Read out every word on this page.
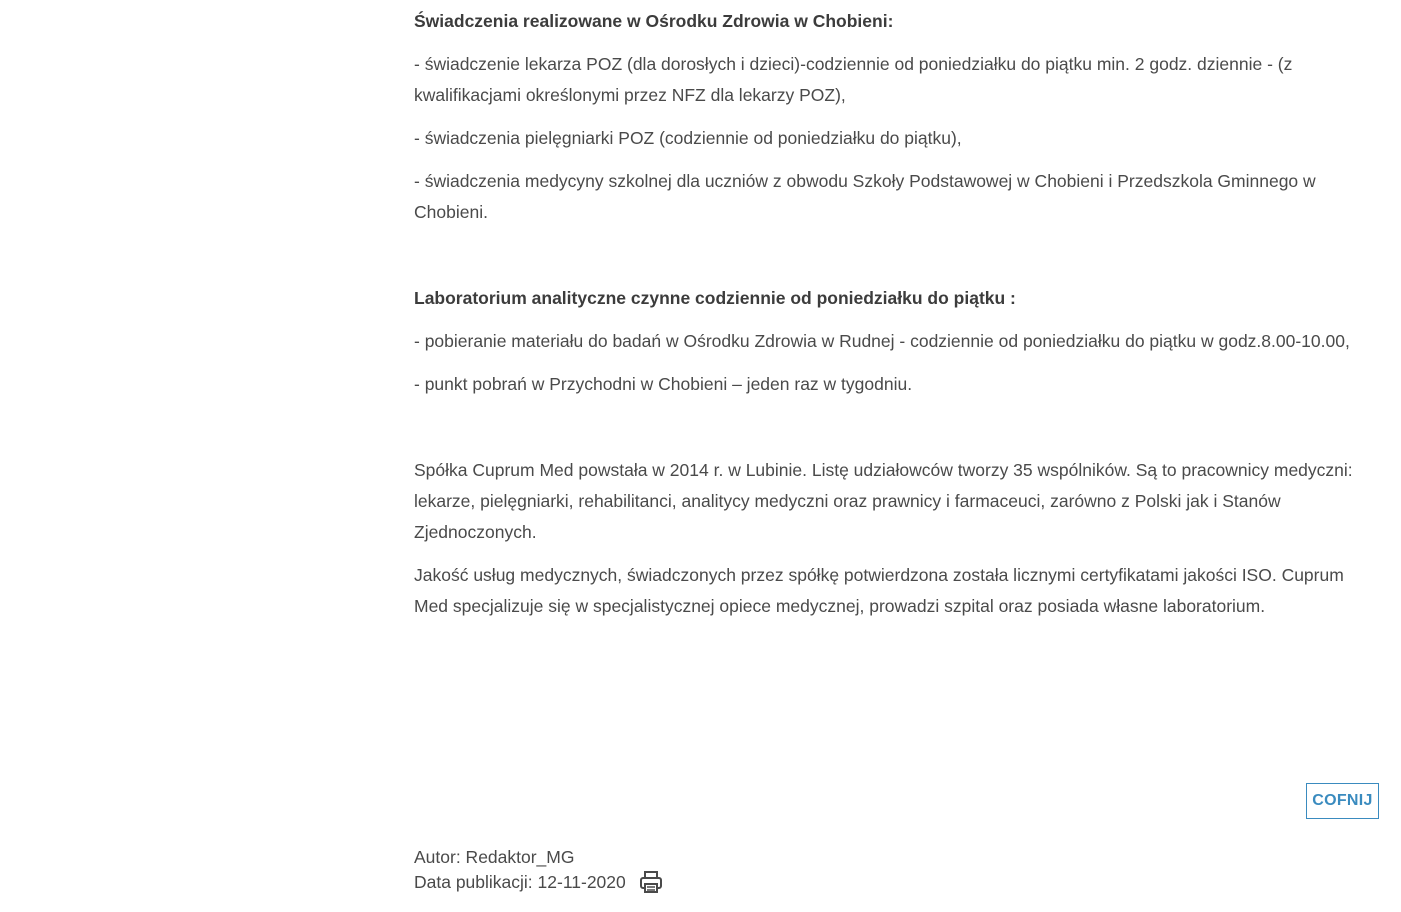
Świadczenia realizowane w Ośrodku Zdrowia w Chobieni:

- świadczenie lekarza POZ (dla dorosłych i dzieci)-codziennie od poniedziałku do piątku min. 2 godz. dziennie - (z kwalifikacjami określonymi przez NFZ dla lekarzy POZ),

- świadczenia pielęgniarki POZ (codziennie od poniedziałku do piątku),

- świadczenia medycyny szkolnej dla uczniów z obwodu Szkoły Podstawowej w Chobieni i Przedszkola Gminnego w Chobieni.

Laboratorium analityczne czynne codziennie od poniedziałku do piątku :

- pobieranie materiału do badań w Ośrodku Zdrowia w Rudnej - codziennie od poniedziałku do piątku w godz.8.00-10.00,

- punkt pobrań w Przychodni w Chobieni – jeden raz w tygodniu.

Spółka Cuprum Med powstała w 2014 r. w Lubinie. Listę udziałowców tworzy 35 wspólników. Są to pracownicy medyczni: lekarze, pielęgniarki, rehabilitanci, analitycy medyczni oraz prawnicy i farmaceuci, zarówno z Polski jak i Stanów Zjednoczonych.

Jakość usług medycznych, świadczonych przez spółkę potwierdzona została licznymi certyfikatami jakości ISO. Cuprum Med specjalizuje się w specjalistycznej opiece medycznej, prowadzi szpital oraz posiada własne laboratorium.

COFNIJ
Autor: Redaktor_MG
Data publikacji: 12-11-2020
